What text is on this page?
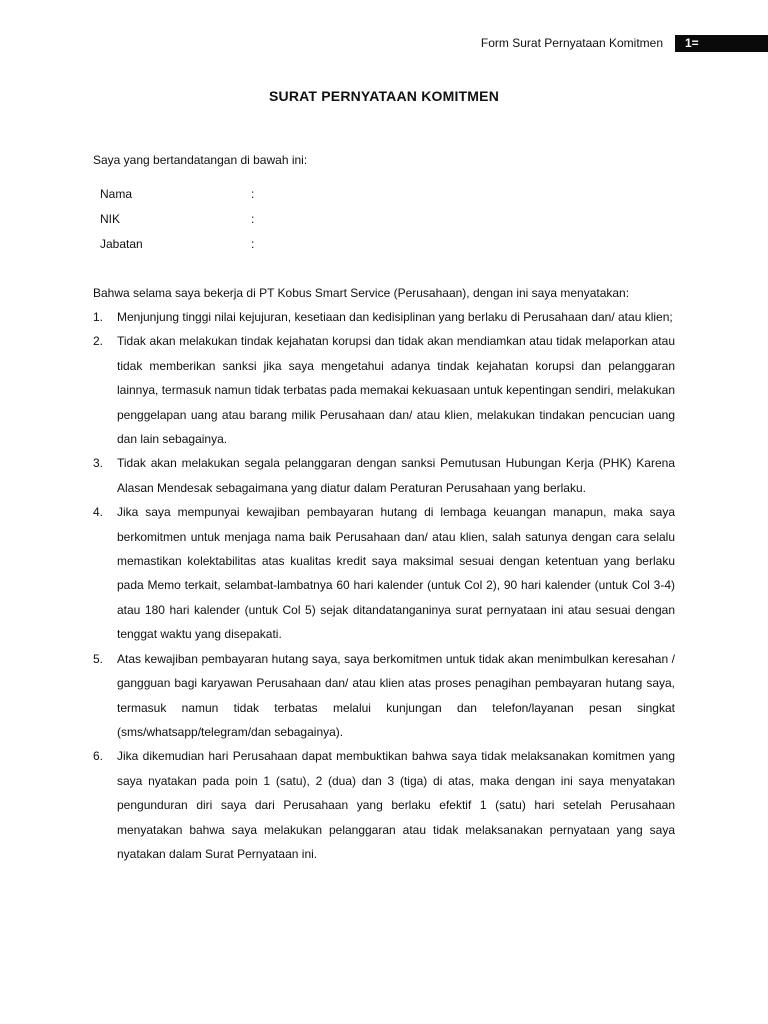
Form Surat Pernyataan Komitmen 1=
SURAT PERNYATAAN KOMITMEN
Saya yang bertandatangan di bawah ini:
Nama	:
NIK	:
Jabatan	:
Bahwa selama saya bekerja di PT Kobus Smart Service (Perusahaan), dengan ini saya menyatakan:
1. Menjunjung tinggi nilai kejujuran, kesetiaan dan kedisiplinan yang berlaku di Perusahaan dan/ atau klien;
2. Tidak akan melakukan tindak kejahatan korupsi dan tidak akan mendiamkan atau tidak melaporkan atau tidak memberikan sanksi jika saya mengetahui adanya tindak kejahatan korupsi dan pelanggaran lainnya, termasuk namun tidak terbatas pada memakai kekuasaan untuk kepentingan sendiri, melakukan penggelapan uang atau barang milik Perusahaan dan/ atau klien, melakukan tindakan pencucian uang dan lain sebagainya.
3. Tidak akan melakukan segala pelanggaran dengan sanksi Pemutusan Hubungan Kerja (PHK) Karena Alasan Mendesak sebagaimana yang diatur dalam Peraturan Perusahaan yang berlaku.
4. Jika saya mempunyai kewajiban pembayaran hutang di lembaga keuangan manapun, maka saya berkomitmen untuk menjaga nama baik Perusahaan dan/ atau klien, salah satunya dengan cara selalu memastikan kolektabilitas atas kualitas kredit saya maksimal sesuai dengan ketentuan yang berlaku pada Memo terkait, selambat-lambatnya 60 hari kalender (untuk Col 2), 90 hari kalender (untuk Col 3-4) atau 180 hari kalender (untuk Col 5) sejak ditandatanganinya surat pernyataan ini atau sesuai dengan tenggat waktu yang disepakati.
5. Atas kewajiban pembayaran hutang saya, saya berkomitmen untuk tidak akan menimbulkan keresahan / gangguan bagi karyawan Perusahaan dan/ atau klien atas proses penagihan pembayaran hutang saya, termasuk namun tidak terbatas melalui kunjungan dan telefon/layanan pesan singkat (sms/whatsapp/telegram/dan sebagainya).
6. Jika dikemudian hari Perusahaan dapat membuktikan bahwa saya tidak melaksanakan komitmen yang saya nyatakan pada poin 1 (satu), 2 (dua) dan 3 (tiga) di atas, maka dengan ini saya menyatakan pengunduran diri saya dari Perusahaan yang berlaku efektif 1 (satu) hari setelah Perusahaan menyatakan bahwa saya melakukan pelanggaran atau tidak melaksanakan pernyataan yang saya nyatakan dalam Surat Pernyataan ini.
